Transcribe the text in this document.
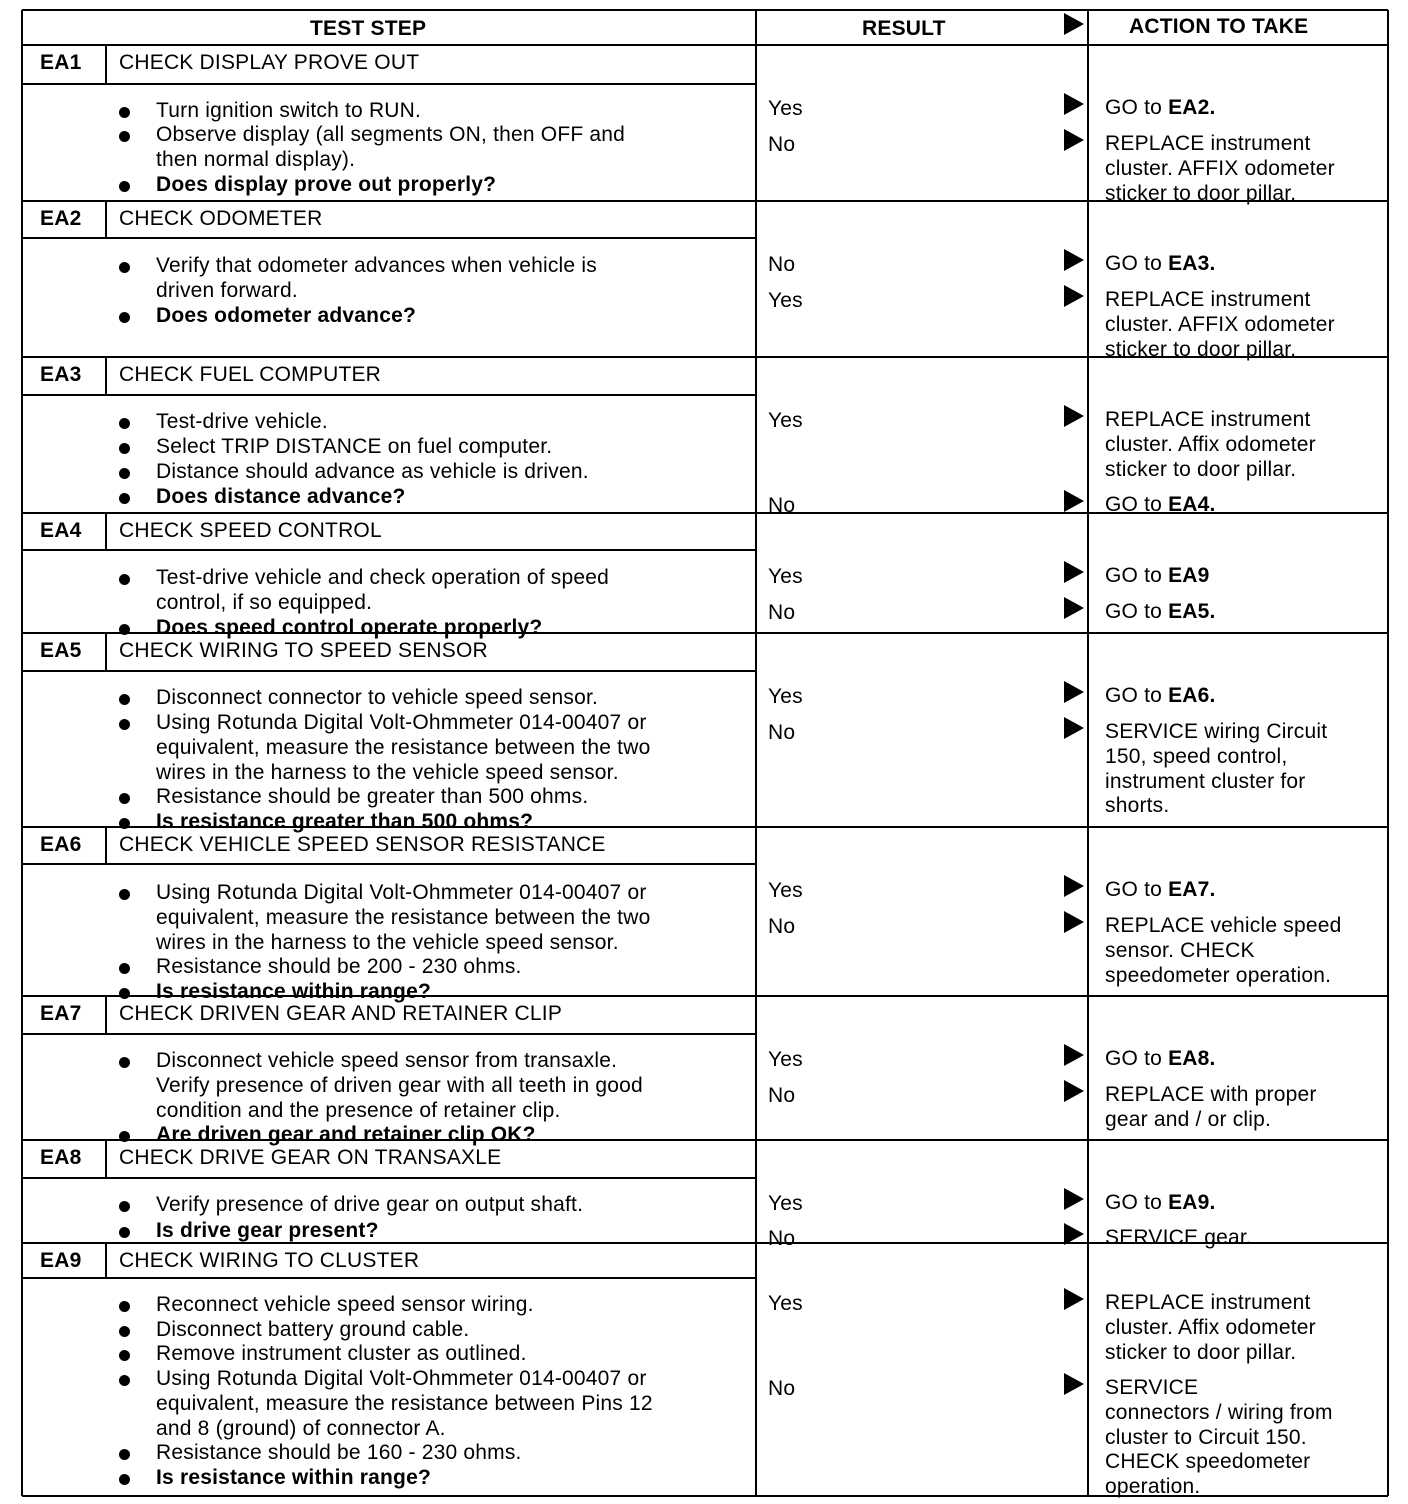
TEST STEP	RESULT	ACTION TO TAKE
EA1 CHECK DISPLAY PROVE OUT
Turn ignition switch to RUN.
Observe display (all segments ON, then OFF and
then normal display).
Does display prove out properly?
Yes	GO to EA2.
No	REPLACE instrument
cluster. AFFIX odometer
sticker to door pillar.
EA2 CHECK ODOMETER
Verify that odometer advances when vehicle is
driven forward.
Does odometer advance?
No	GO to EA3.
Yes	REPLACE instrument
cluster. AFFIX odometer
sticker to door pillar.
EA3 CHECK FUEL COMPUTER
Test-drive vehicle.
Select TRIP DISTANCE on fuel computer.
Distance should advance as vehicle is driven.
Does distance advance?
Yes	REPLACE instrument
cluster. Affix odometer
sticker to door pillar.
No	GO to EA4.
EA4 CHECK SPEED CONTROL
Test-drive vehicle and check operation of speed
control, if so equipped.
Does speed control operate properly?
Yes	GO to EA9
No	GO to EA5.
EA5 CHECK WIRING TO SPEED SENSOR
Disconnect connector to vehicle speed sensor.
Using Rotunda Digital Volt-Ohmmeter 014-00407 or
equivalent, measure the resistance between the two
wires in the harness to the vehicle speed sensor.
Resistance should be greater than 500 ohms.
Is resistance greater than 500 ohms?
Yes	GO to EA6.
No	SERVICE wiring Circuit
150, speed control,
instrument cluster for
shorts.
EA6 CHECK VEHICLE SPEED SENSOR RESISTANCE
Using Rotunda Digital Volt-Ohmmeter 014-00407 or
equivalent, measure the resistance between the two
wires in the harness to the vehicle speed sensor.
Resistance should be 200 - 230 ohms.
Is resistance within range?
Yes	GO to EA7.
No	REPLACE vehicle speed
sensor. CHECK
speedometer operation.
EA7 CHECK DRIVEN GEAR AND RETAINER CLIP
Disconnect vehicle speed sensor from transaxle.
Verify presence of driven gear with all teeth in good
condition and the presence of retainer clip.
Are driven gear and retainer clip OK?
Yes	GO to EA8.
No	REPLACE with proper
gear and / or clip.
EA8 CHECK DRIVE GEAR ON TRANSAXLE
Verify presence of drive gear on output shaft.
Is drive gear present?
Yes	GO to EA9.
No	SERVICE gear.
EA9 CHECK WIRING TO CLUSTER
Reconnect vehicle speed sensor wiring.
Disconnect battery ground cable.
Remove instrument cluster as outlined.
Using Rotunda Digital Volt-Ohmmeter 014-00407 or
equivalent, measure the resistance between Pins 12
and 8 (ground) of connector A.
Resistance should be 160 - 230 ohms.
Is resistance within range?
Yes	REPLACE instrument
cluster. Affix odometer
sticker to door pillar.
No	SERVICE
connectors / wiring from
cluster to Circuit 150.
CHECK speedometer
operation.
